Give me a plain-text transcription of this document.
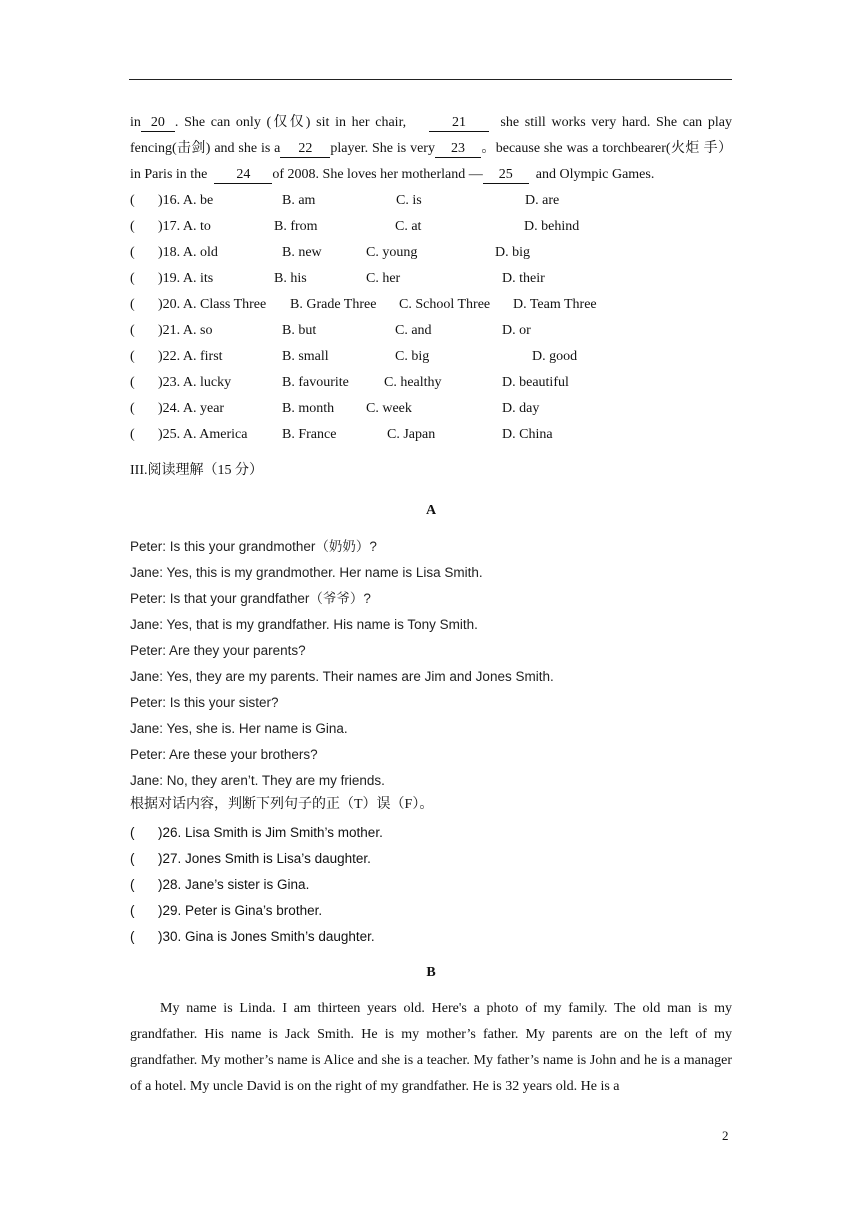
in 20 . She can only (仅仅) sit in her chair,	21 she still works very hard. She can play fencing(击剑) and she is a 22 player. She is very 23 。because she was a torchbearer(火炬 手）in Paris in the 24 of 2008. She loves her motherland — 25 and Olympic Games.

( )16. A. be	B. am	C. is	D. are
( )17. A. to	B. from	C. at	D. behind
( )18. A. old	B. new	C. young	D. big
( )19. A. its	B. his	C. her	D. their
( )20. A. Class Three B. Grade Three C. School Three D. Team Three
( )21. A. so	B. but	C. and	D. or
( )22. A. first	B. small	C. big	D. good
( )23. A. lucky	B. favourite	C. healthy	D. beautiful
( )24. A. year	B. month C. week	D. day
( )25. A. America B. France	C. Japan	D. China
III.阅读理解（15 分）
A
Peter: Is this your grandmother（奶奶）?
Jane: Yes, this is my grandmother. Her name is Lisa Smith.
Peter: Is that your grandfather（爷爷）?
Jane: Yes, that is my grandfather. His name is Tony Smith.
Peter: Are they your parents?
Jane: Yes, they are my parents. Their names are Jim and Jones Smith.
Peter: Is this your sister?
Jane: Yes, she is. Her name is Gina.
Peter: Are these your brothers?
Jane: No, they aren’t. They are my friends.
根据对话内容，判断下列句子的正（T）误（F）。
( )26. Lisa Smith is Jim Smith’s mother.
( )27. Jones Smith is Lisa’s daughter.
( )28. Jane’s sister is Gina.
( )29. Peter is Gina’s brother.
( )30. Gina is Jones Smith’s daughter.
B

My name is Linda. I am thirteen years old. Here's a photo of my family. The old man is my grandfather. His name is Jack Smith. He is my mother’s father. My parents are on the left of my grandfather. My mother’s name is Alice and she is a teacher. My father’s name is John and he is a manager of a hotel. My uncle David is on the right of my grandfather. He is 32 years old. He is a

2
